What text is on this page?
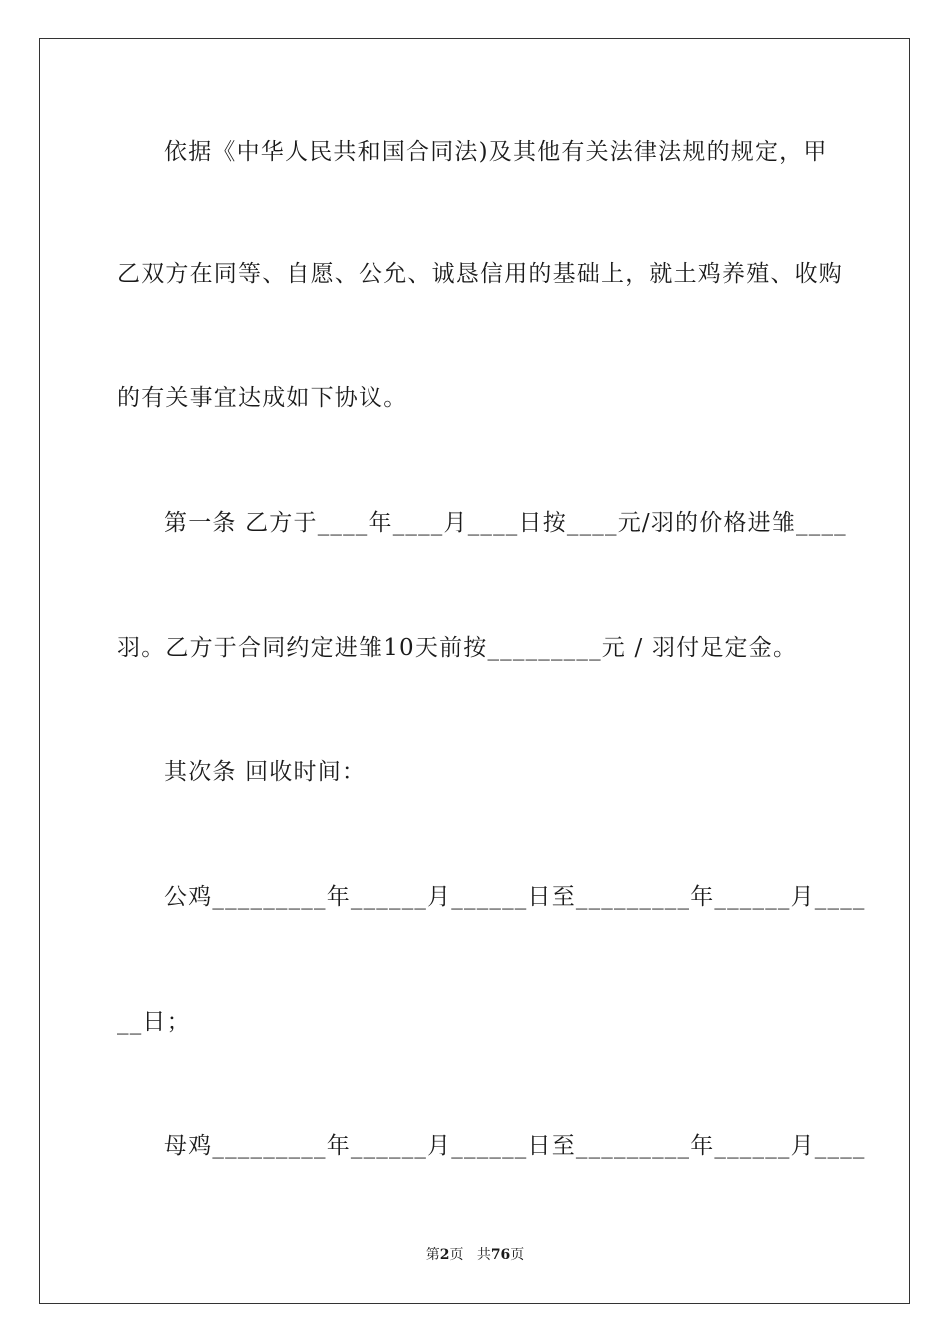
依据《中华人民共和国合同法)及其他有关法律法规的规定，甲
乙双方在同等、自愿、公允、诚恳信用的基础上，就土鸡养殖、收购
的有关事宜达成如下协议。
第一条 乙方于____年____月____日按____元/羽的价格进雏____
羽。乙方于合同约定进雏10天前按_________元 / 羽付足定金。
其次条 回收时间：
公鸡_________年______月______日至_________年______月____
__日；
母鸡_________年______月______日至_________年______月____
第2页 共76页
